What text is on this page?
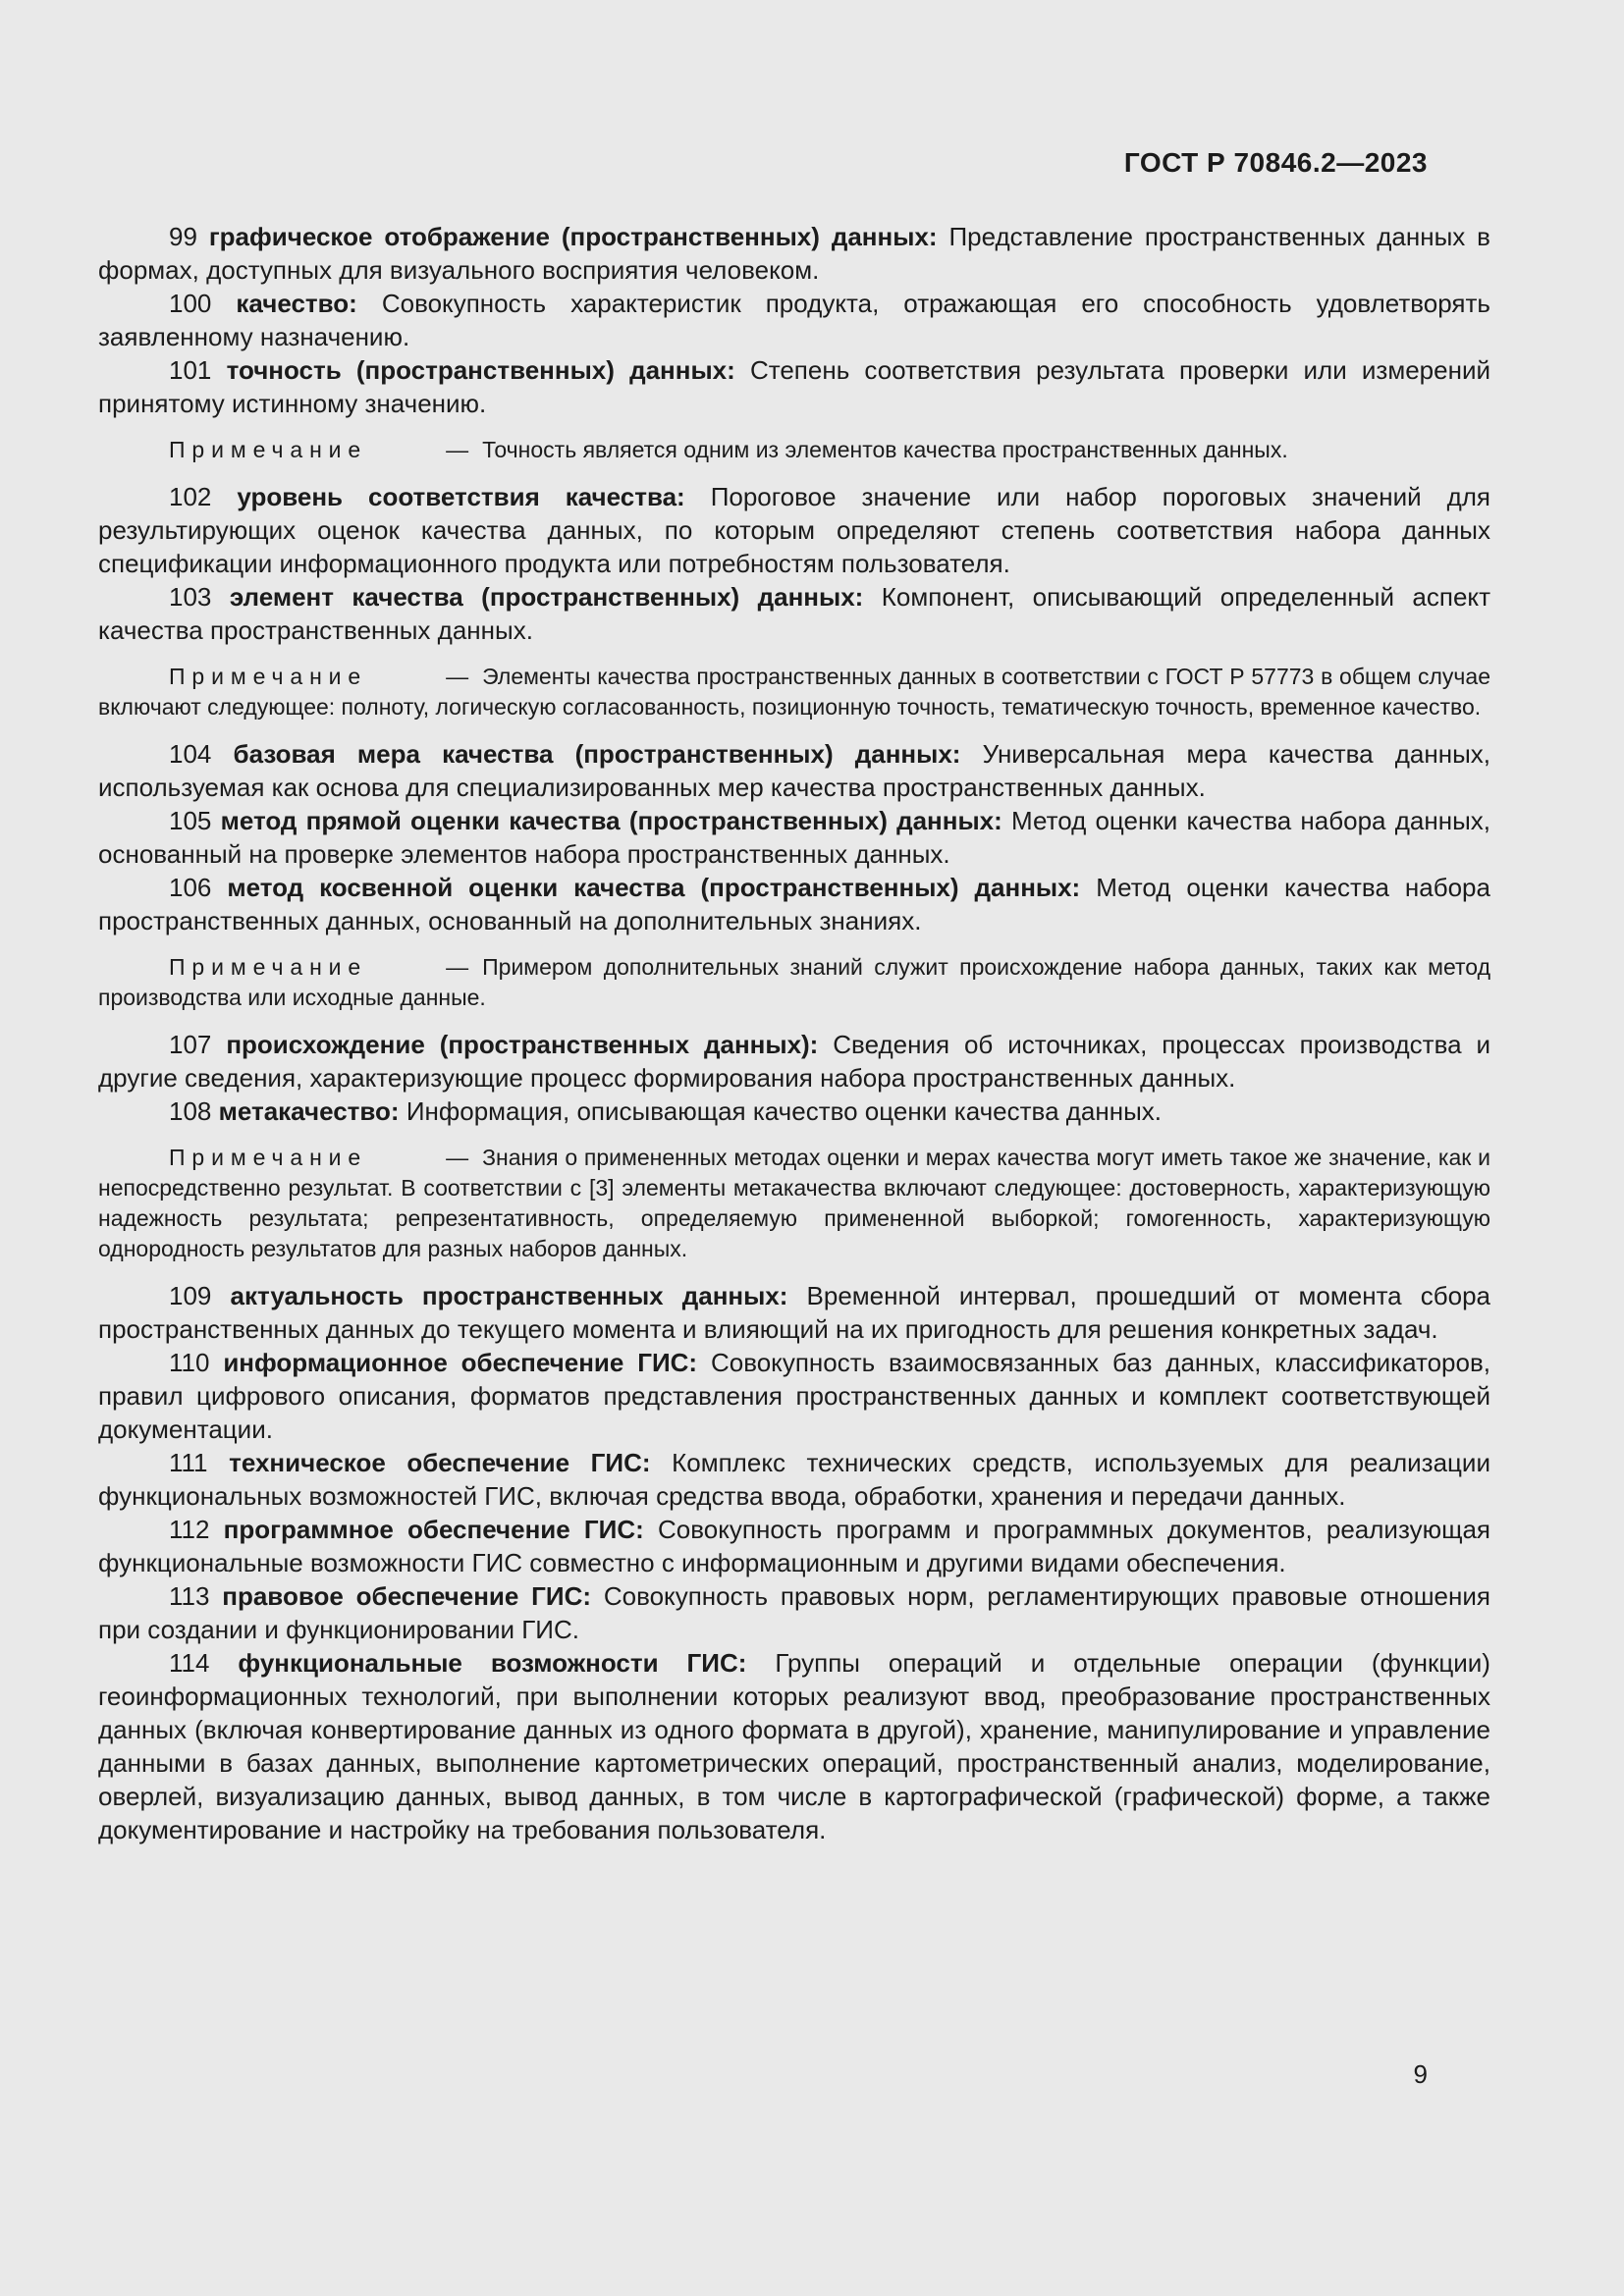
ГОСТ Р 70846.2—2023

99 графическое отображение (пространственных) данных: Представление пространственных данных в формах, доступных для визуального восприятия человеком.

100 качество: Совокупность характеристик продукта, отражающая его способность удовлетворять заявленному назначению.

101 точность (пространственных) данных: Степень соответствия результата проверки или измерений принятому истинному значению.

Примечание	— Точность является одним из элементов качества пространственных данных.

102 уровень соответствия качества: Пороговое значение или набор пороговых значений для результирующих оценок качества данных, по которым определяют степень соответствия набора данных спецификации информационного продукта или потребностям пользователя.

103 элемент качества (пространственных) данных: Компонент, описывающий определенный аспект качества пространственных данных.

Примечание	— Элементы качества пространственных данных в соответствии с ГОСТ Р 57773 в общем случае включают следующее: полноту, логическую согласованность, позиционную точность, тематическую точность, временное качество.

104 базовая мера качества (пространственных) данных: Универсальная мера качества данных, используемая как основа для специализированных мер качества пространственных данных.

105 метод прямой оценки качества (пространственных) данных: Метод оценки качества набора данных, основанный на проверке элементов набора пространственных данных.

106 метод косвенной оценки качества (пространственных) данных: Метод оценки качества набора пространственных данных, основанный на дополнительных знаниях.

Примечание	— Примером дополнительных знаний служит происхождение набора данных, таких как метод производства или исходные данные.

107 происхождение (пространственных данных): Сведения об источниках, процессах производства и другие сведения, характеризующие процесс формирования набора пространственных данных.

108 метакачество: Информация, описывающая качество оценки качества данных.

Примечание	— Знания о примененных методах оценки и мерах качества могут иметь такое же значение, как и непосредственно результат. В соответствии с [3] элементы метакачества включают следующее: достоверность, характеризующую надежность результата; репрезентативность, определяемую примененной выборкой; гомогенность, характеризующую однородность результатов для разных наборов данных.

109 актуальность пространственных данных: Временной интервал, прошедший от момента сбора пространственных данных до текущего момента и влияющий на их пригодность для решения конкретных задач.

110 информационное обеспечение ГИС: Совокупность взаимосвязанных баз данных, классификаторов, правил цифрового описания, форматов представления пространственных данных и комплект соответствующей документации.

111 техническое обеспечение ГИС: Комплекс технических средств, используемых для реализации функциональных возможностей ГИС, включая средства ввода, обработки, хранения и передачи данных.

112 программное обеспечение ГИС: Совокупность программ и программных документов, реализующая функциональные возможности ГИС совместно с информационным и другими видами обеспечения.

113 правовое обеспечение ГИС: Совокупность правовых норм, регламентирующих правовые отношения при создании и функционировании ГИС.

114 функциональные возможности ГИС: Группы операций и отдельные операции (функции) геоинформационных технологий, при выполнении которых реализуют ввод, преобразование пространственных данных (включая конвертирование данных из одного формата в другой), хранение, манипулирование и управление данными в базах данных, выполнение картометрических операций, пространственный анализ, моделирование, оверлей, визуализацию данных, вывод данных, в том числе в картографической (графической) форме, а также документирование и настройку на требования пользователя.

9
